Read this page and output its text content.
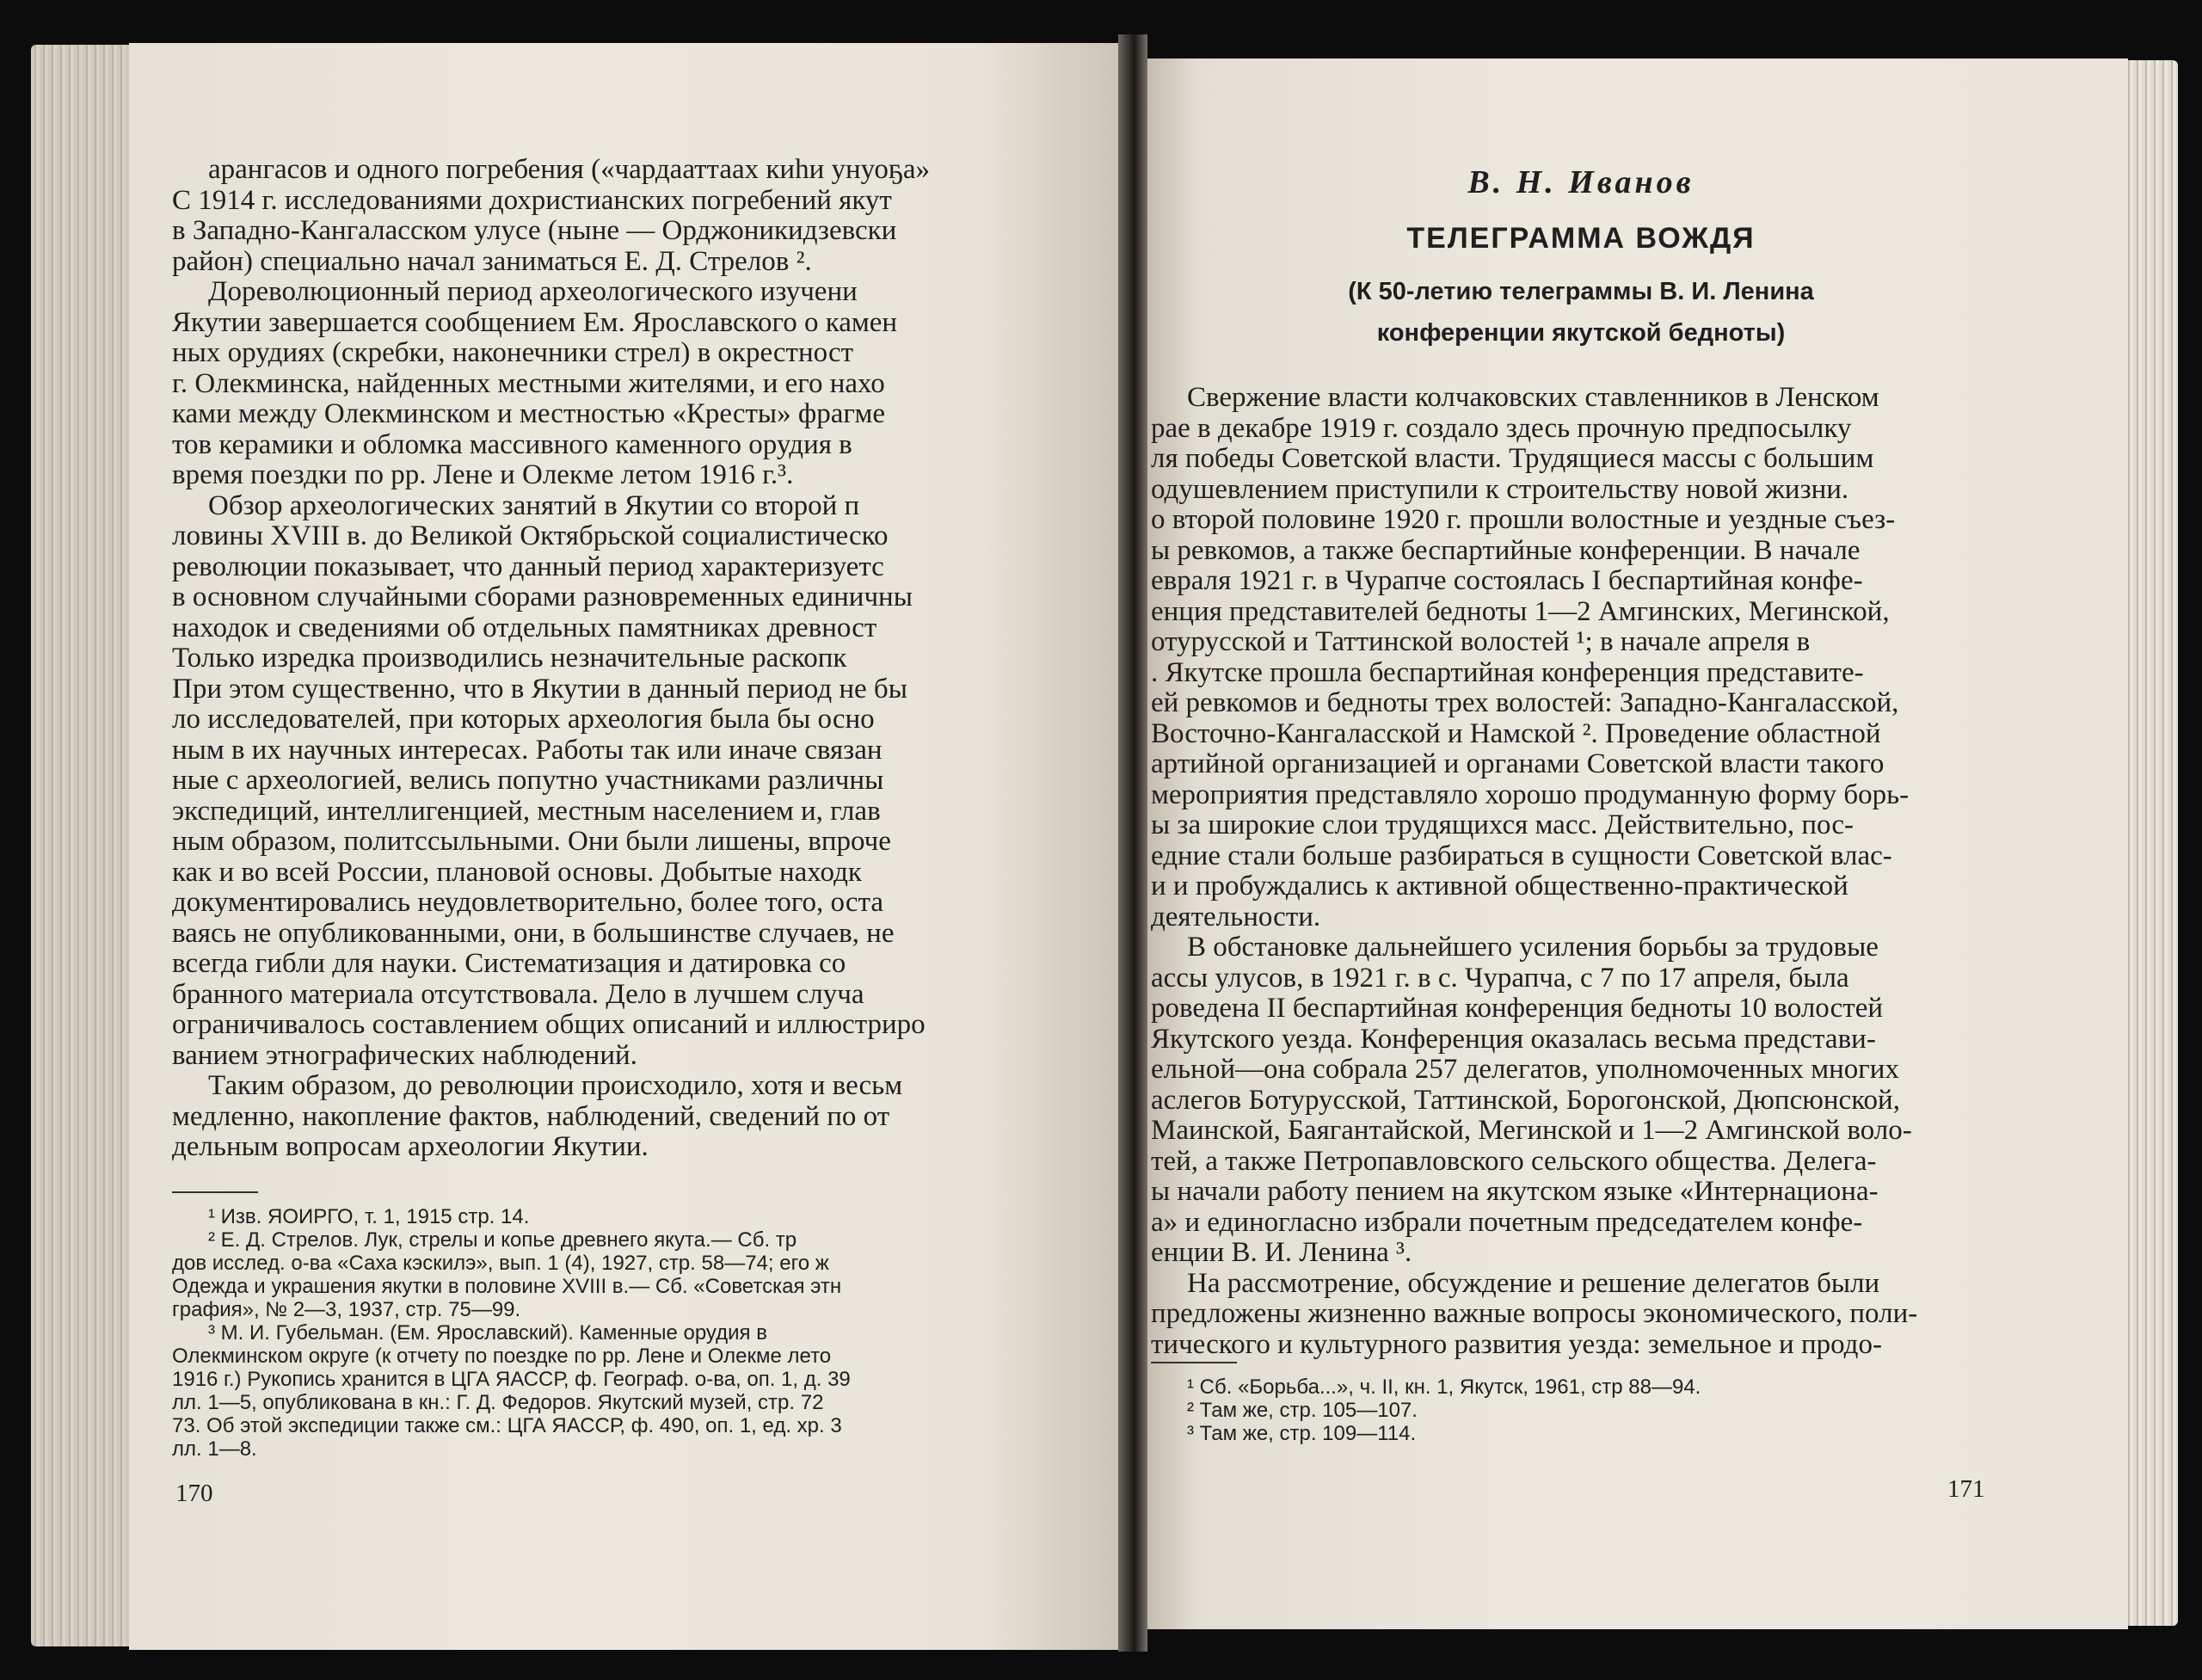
арангасов и одного погребения («чардааттаах киhи унуоҕа»
С 1914 г. исследованиями дохристианских погребений якут
в Западно-Кангаласском улусе (ныне — Орджоникидзевски
район) специально начал заниматься Е. Д. Стрелов ².
Дореволюционный период археологического изучени
Якутии завершается сообщением Ем. Ярославского о камен
ных орудиях (скребки, наконечники стрел) в окрестност
г. Олекминска, найденных местными жителями, и его нахо
ками между Олекминском и местностью «Кресты» фрагме
тов керамики и обломка массивного каменного орудия в
время поездки по рр. Лене и Олекме летом 1916 г.³.
Обзор археологических занятий в Якутии со второй п
ловины XVIII в. до Великой Октябрьской социалистическо
революции показывает, что данный период характеризуетс
в основном случайными сборами разновременных единичны
находок и сведениями об отдельных памятниках древност
Только изредка производились незначительные раскопк
При этом существенно, что в Якутии в данный период не бы
ло исследователей, при которых археология была бы осно
ным в их научных интересах. Работы так или иначе связан
ные с археологией, велись попутно участниками различны
экспедиций, интеллигенцией, местным населением и, глав
ным образом, политссыльными. Они были лишены, впроче
как и во всей России, плановой основы. Добытые находк
документировались неудовлетворительно, более того, оста
ваясь не опубликованными, они, в большинстве случаев, не
всегда гибли для науки. Систематизация и датировка со
бранного материала отсутствовала. Дело в лучшем случа
ограничивалось составлением общих описаний и иллюстриро
ванием этнографических наблюдений.
Таким образом, до революции происходило, хотя и весьм
медленно, накопление фактов, наблюдений, сведений по от
дельным вопросам археологии Якутии.
¹ Изв. ЯОИРГО, т. 1, 1915 стр. 14.
² Е. Д. Стрелов. Лук, стрелы и копье древнего якута.— Сб. тр
дов исслед. о-ва «Саха кэскилэ», вып. 1 (4), 1927, стр. 58—74; его ж
Одежда и украшения якутки в половине XVIII в.— Сб. «Советская этн
графия», № 2—3, 1937, стр. 75—99.
³ М. И. Губельман. (Ем. Ярославский). Каменные орудия в
Олекминском округе (к отчету по поездке по рр. Лене и Олекме лето
1916 г.) Рукопись хранится в ЦГА ЯАССР, ф. Географ. о-ва, оп. 1, д. 39
лл. 1—5, опубликована в кн.: Г. Д. Федоров. Якутский музей, стр. 72
73. Об этой экспедиции также см.: ЦГА ЯАССР, ф. 490, оп. 1, ед. хр. 3
лл. 1—8.
170
В. Н. Иванов
ТЕЛЕГРАММА ВОЖДЯ
(К 50-летию телеграммы В. И. Ленина
конференции якутской бедноты)
Свержение власти колчаковских ставленников в Ленском
рае в декабре 1919 г. создало здесь прочную предпосылку
ля победы Советской власти. Трудящиеся массы с большим
одушевлением приступили к строительству новой жизни.
о второй половине 1920 г. прошли волостные и уездные съез-
ы ревкомов, а также беспартийные конференции. В начале
евраля 1921 г. в Чурапче состоялась I беспартийная конфе-
енция представителей бедноты 1—2 Амгинских, Мегинской,
отурусской и Таттинской волостей ¹; в начале апреля в
. Якутске прошла беспартийная конференция представите-
ей ревкомов и бедноты трех волостей: Западно-Кангаласской,
Восточно-Кангаласской и Намской ². Проведение областной
артийной организацией и органами Советской власти такого
мероприятия представляло хорошо продуманную форму борь-
ы за широкие слои трудящихся масс. Действительно, пос-
едние стали больше разбираться в сущности Советской влас-
и и пробуждались к активной общественно-практической
деятельности.
В обстановке дальнейшего усиления борьбы за трудовые
ассы улусов, в 1921 г. в с. Чурапча, с 7 по 17 апреля, была
роведена II беспартийная конференция бедноты 10 волостей
Якутского уезда. Конференция оказалась весьма представи-
ельной—она собрала 257 делегатов, уполномоченных многих
аслегов Ботурусской, Таттинской, Борогонской, Дюпсюнской,
Маинской, Баягантайской, Мегинской и 1—2 Амгинской воло-
тей, а также Петропавловского сельского общества. Делега-
ы начали работу пением на якутском языке «Интернациона-
а» и единогласно избрали почетным председателем конфе-
енции В. И. Ленина ³.
На рассмотрение, обсуждение и решение делегатов были
предложены жизненно важные вопросы экономического, поли-
тического и культурного развития уезда: земельное и продо-
¹ Сб. «Борьба...», ч. II, кн. 1, Якутск, 1961, стр 88—94.
² Там же, стр. 105—107.
³ Там же, стр. 109—114.
171
